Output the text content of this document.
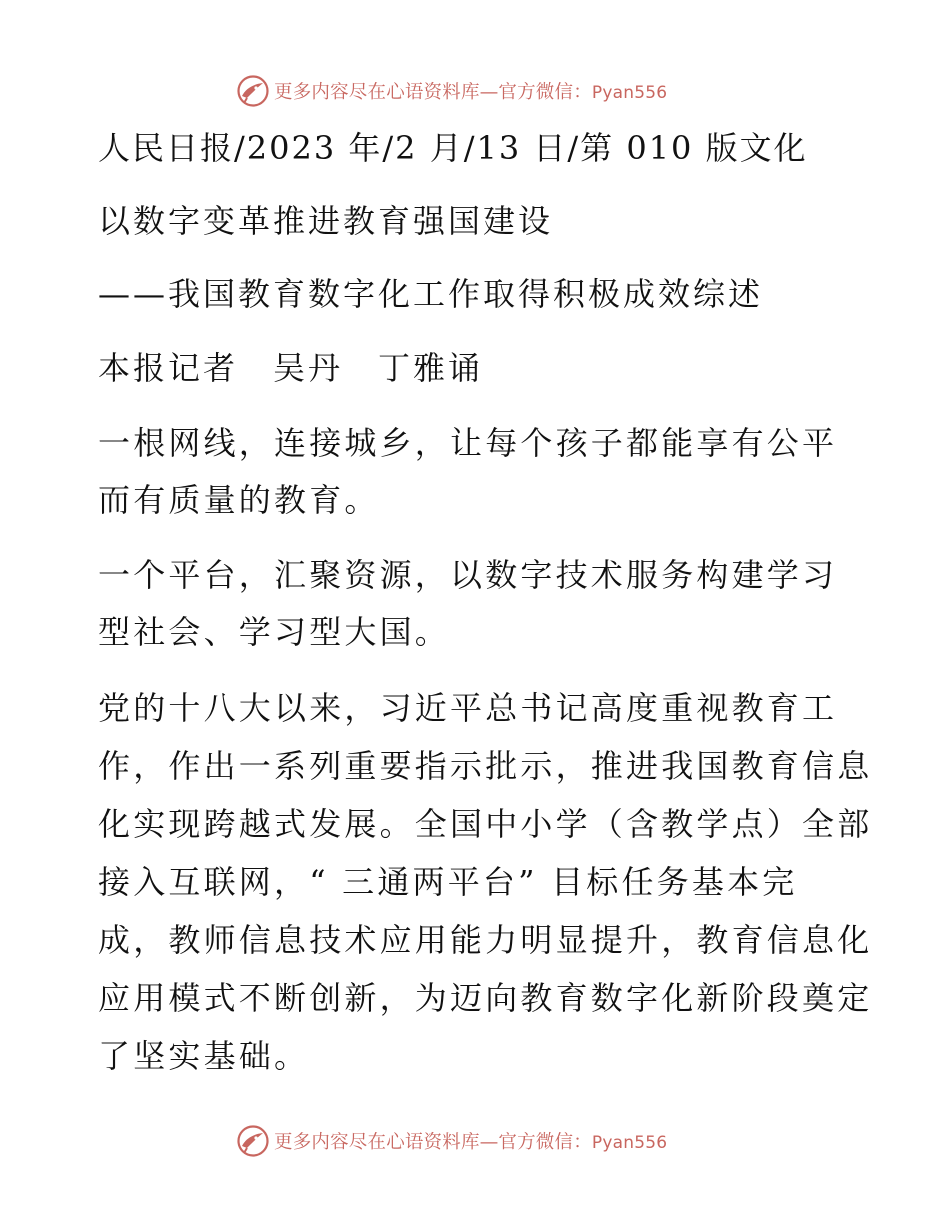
更多内容尽在心语资料库—官方微信：Pyan556
人民日报/2023 年/2 月/13 日/第 010 版文化
以数字变革推进教育强国建设
——我国教育数字化工作取得积极成效综述
本报记者　吴丹　丁雅诵
一根网线，连接城乡，让每个孩子都能享有公平
而有质量的教育。
一个平台，汇聚资源，以数字技术服务构建学习
型社会、学习型大国。
党的十八大以来，习近平总书记高度重视教育工
作，作出一系列重要指示批示，推进我国教育信息
化实现跨越式发展。全国中小学（含教学点）全部
接入互联网，“ 三通两平台” 目标任务基本完
成，教师信息技术应用能力明显提升，教育信息化
应用模式不断创新，为迈向教育数字化新阶段奠定
了坚实基础。
更多内容尽在心语资料库—官方微信：Pyan556
